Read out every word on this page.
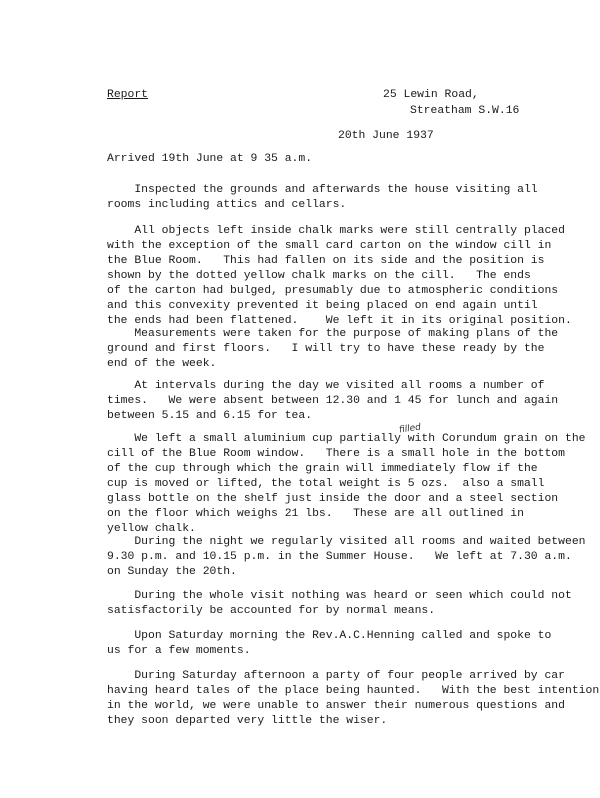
Report	25 Lewin Road,
Streatham S.W.16
20th June 1937
Arrived 19th June at 9 35 a.m.
filled
Inspected the grounds and afterwards the house visiting all
rooms including attics and cellars.
All objects left inside chalk marks were still centrally placed
with the exception of the small card carton on the window cill in
the Blue Room.   This had fallen on its side and the position is
shown by the dotted yellow chalk marks on the cill.   The ends
of the carton had bulged, presumably due to atmospheric conditions
and this convexity prevented it being placed on end again until
the ends had been flattened.    We left it in its original position.
Measurements were taken for the purpose of making plans of the
ground and first floors.   I will try to have these ready by the
end of the week.
At intervals during the day we visited all rooms a number of
times.   We were absent between 12.30 and 1 45 for lunch and again
between 5.15 and 6.15 for tea.
We left a small aluminium cup partially with Corundum grain on the
cill of the Blue Room window.   There is a small hole in the bottom
of the cup through which the grain will immediately flow if the
cup is moved or lifted, the total weight is 5 ozs.  also a small
glass bottle on the shelf just inside the door and a steel section
on the floor which weighs 21 lbs.   These are all outlined in
yellow chalk.
During the night we regularly visited all rooms and waited between
9.30 p.m. and 10.15 p.m. in the Summer House.   We left at 7.30 a.m.
on Sunday the 20th.
During the whole visit nothing was heard or seen which could not
satisfactorily be accounted for by normal means.
Upon Saturday morning the Rev.A.C.Henning called and spoke to
us for a few moments.
During Saturday afternoon a party of four people arrived by car
having heard tales of the place being haunted.   With the best intention
in the world, we were unable to answer their numerous questions and
they soon departed very little the wiser.
